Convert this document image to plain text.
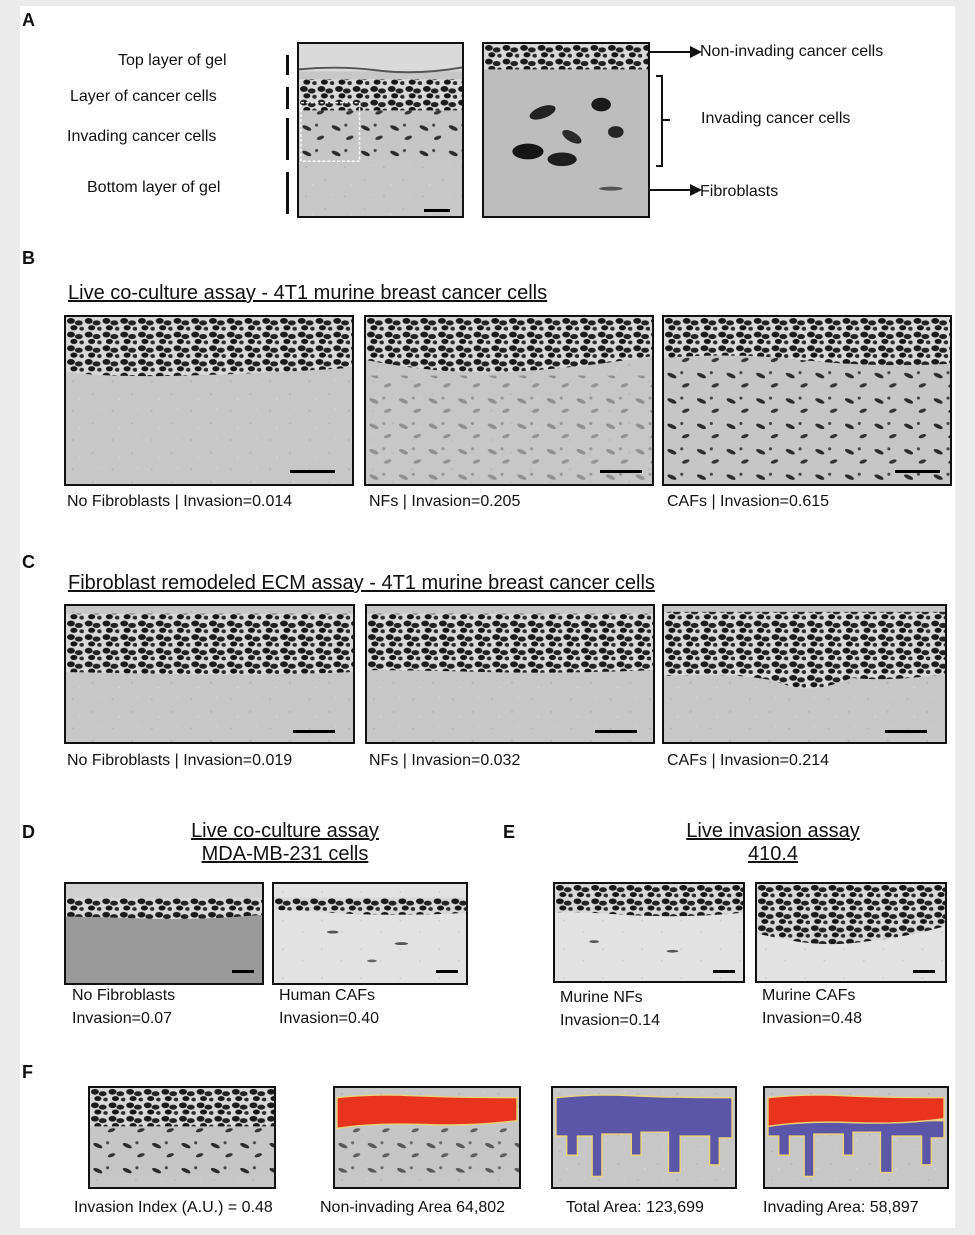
A
Top layer of gel
Layer of cancer cells
Invading cancer cells
Bottom layer of gel
Non-invading cancer cells
Invading cancer cells
Fibroblasts
B
Live co-culture assay - 4T1 murine breast cancer cells
No Fibroblasts | Invasion=0.014	NFs | Invasion=0.205	CAFs | Invasion=0.615
C
Fibroblast remodeled ECM assay - 4T1 murine breast cancer cells
No Fibroblasts | Invasion=0.019	NFs | Invasion=0.032	CAFs | Invasion=0.214
D	Live co-culture assay
MDA-MB-231 cells
No Fibroblasts
Invasion=0.07
Human CAFs
Invasion=0.40
E	Live invasion assay
410.4
Murine NFs
Invasion=0.14
Murine CAFs
Invasion=0.48
F
Invasion Index (A.U.) = 0.48	Non-invading Area 64,802	Total Area: 123,699	Invading Area: 58,897
